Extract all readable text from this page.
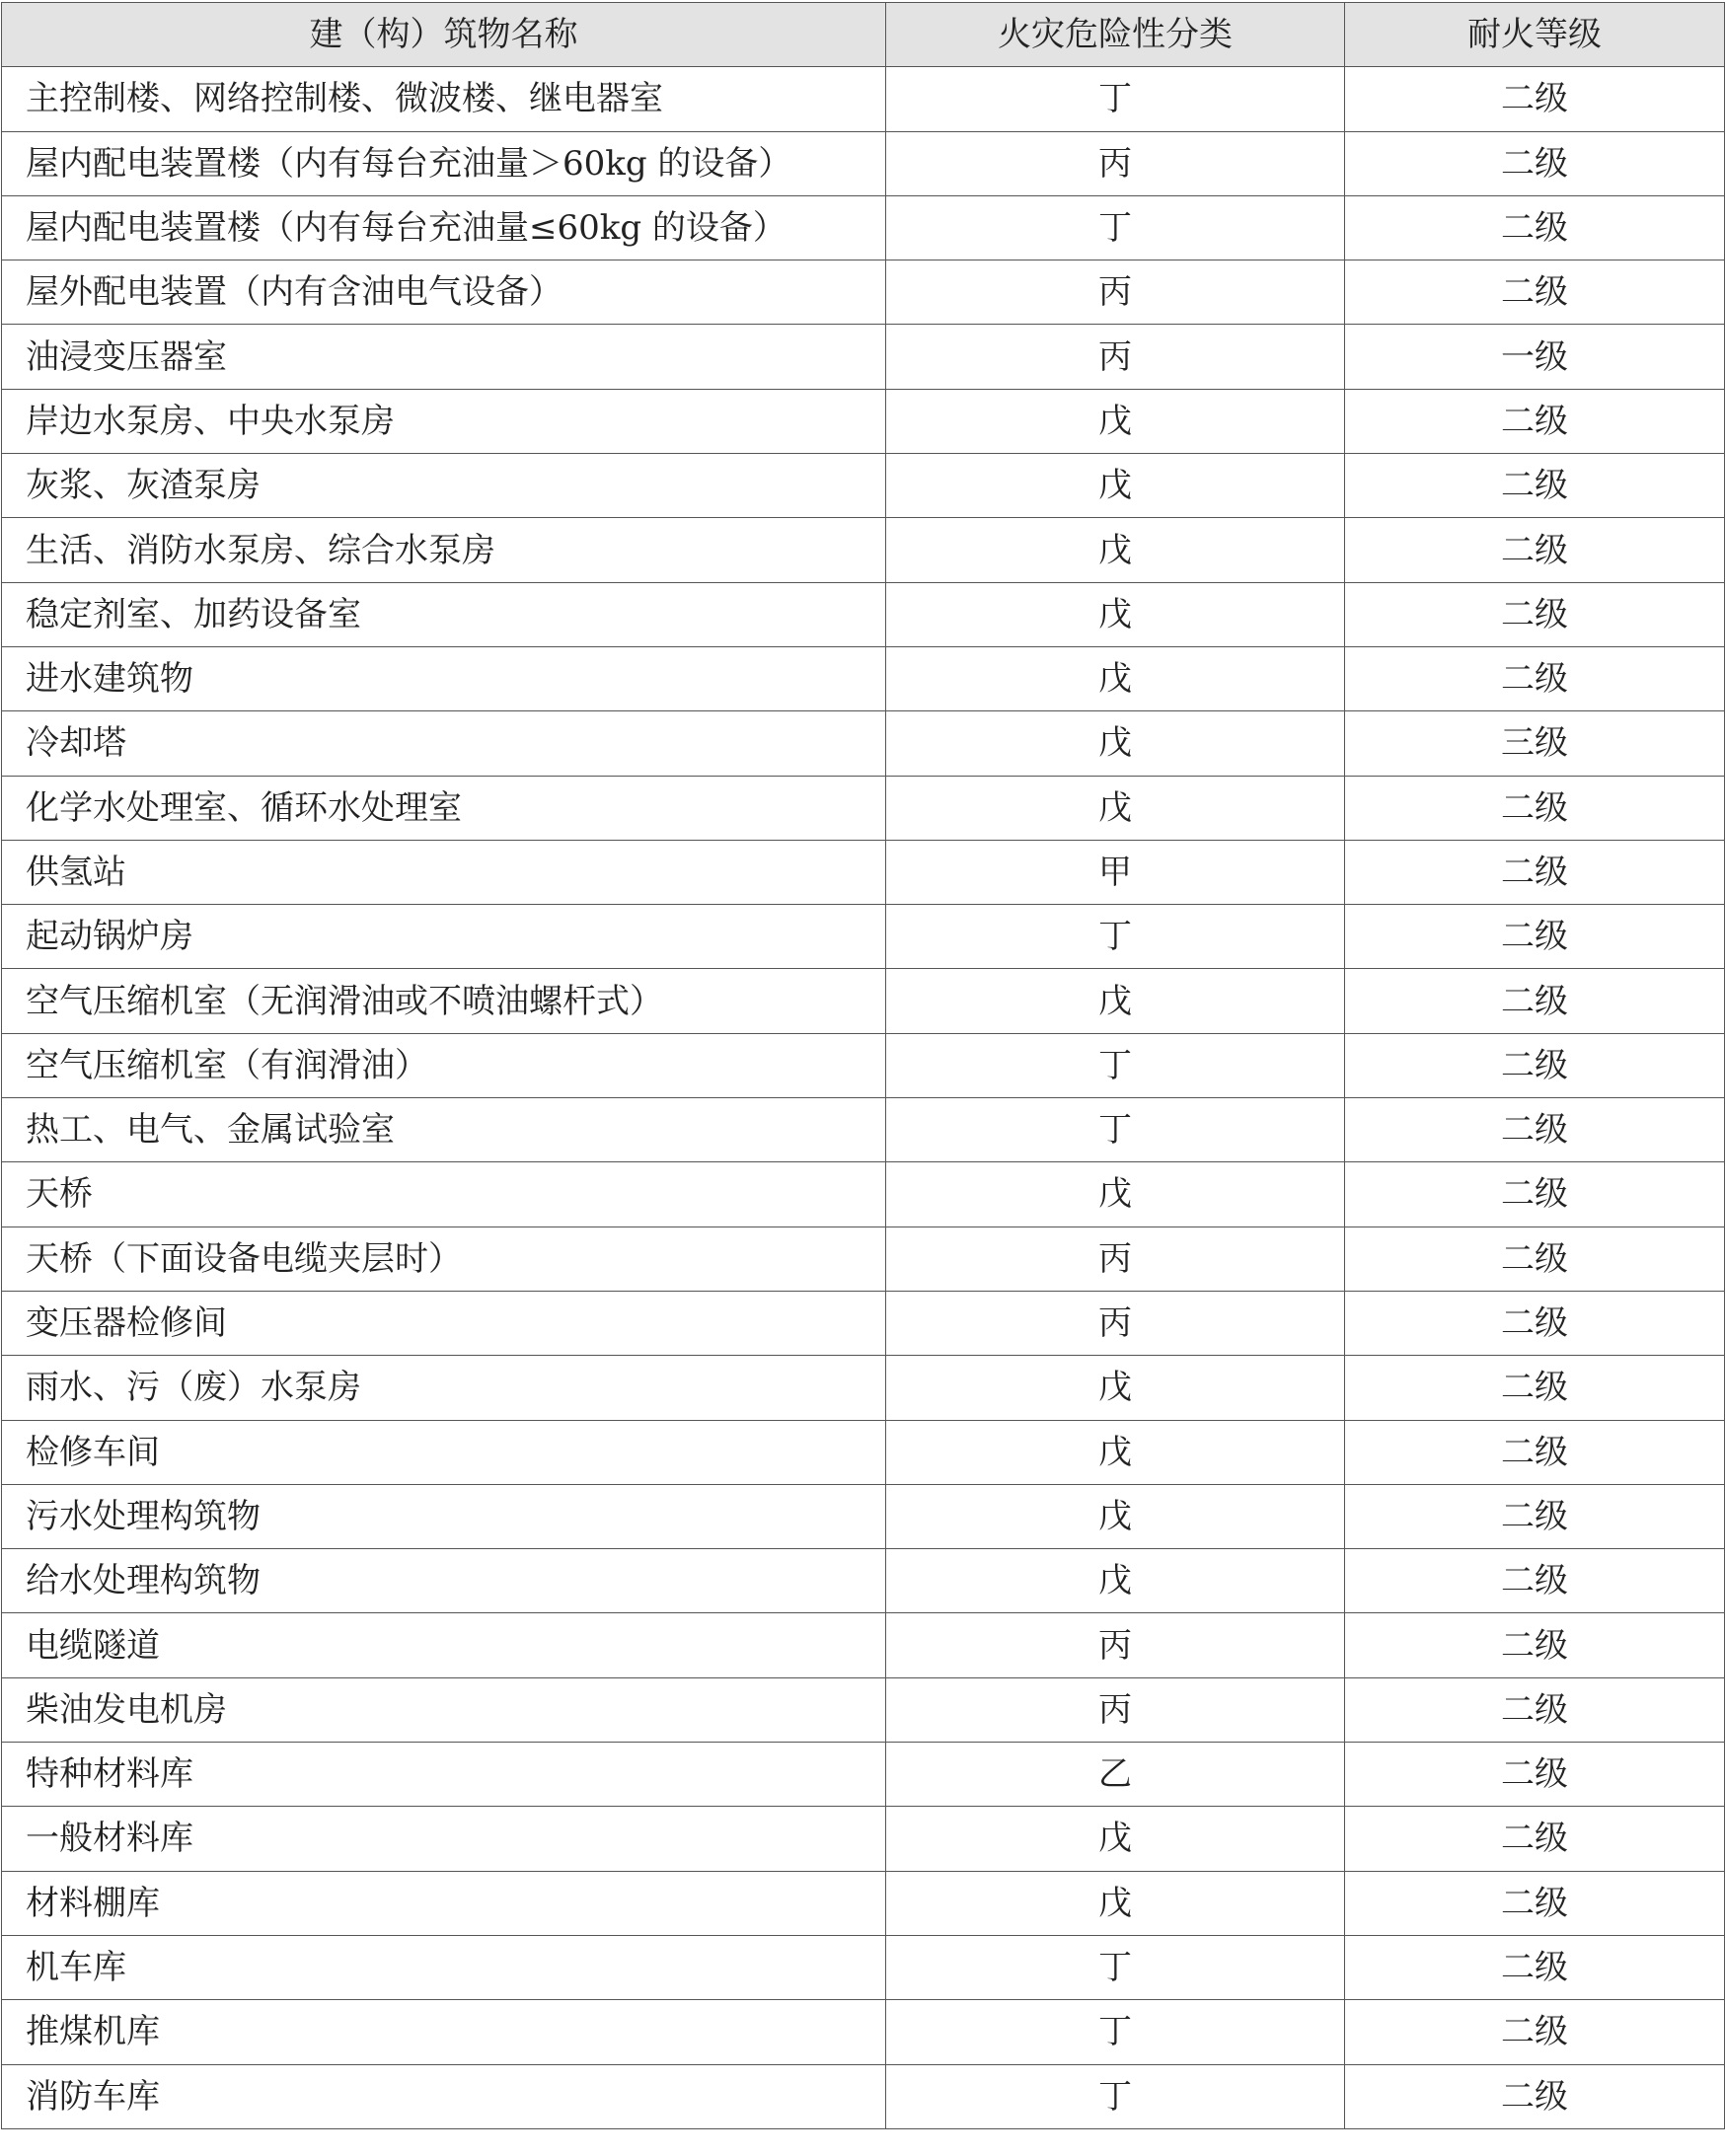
建（构）筑物名称	火灾危险性分类	耐火等级
主控制楼、网络控制楼、微波楼、继电器室	丁	二级
屋内配电装置楼（内有每台充油量＞60kg 的设备）	丙	二级
屋内配电装置楼（内有每台充油量≤60kg 的设备）	丁	二级
屋外配电装置（内有含油电气设备）	丙	二级
油浸变压器室	丙	一级
岸边水泵房、中央水泵房	戊	二级
灰浆、灰渣泵房	戊	二级
生活、消防水泵房、综合水泵房	戊	二级
稳定剂室、加药设备室	戊	二级
进水建筑物	戊	二级
冷却塔	戊	三级
化学水处理室、循环水处理室	戊	二级
供氢站	甲	二级
起动锅炉房	丁	二级
空气压缩机室（无润滑油或不喷油螺杆式）	戊	二级
空气压缩机室（有润滑油）	丁	二级
热工、电气、金属试验室	丁	二级
天桥	戊	二级
天桥（下面设备电缆夹层时）	丙	二级
变压器检修间	丙	二级
雨水、污（废）水泵房	戊	二级
检修车间	戊	二级
污水处理构筑物	戊	二级
给水处理构筑物	戊	二级
电缆隧道	丙	二级
柴油发电机房	丙	二级
特种材料库	乙	二级
一般材料库	戊	二级
材料棚库	戊	二级
机车库	丁	二级
推煤机库	丁	二级
消防车库	丁	二级
